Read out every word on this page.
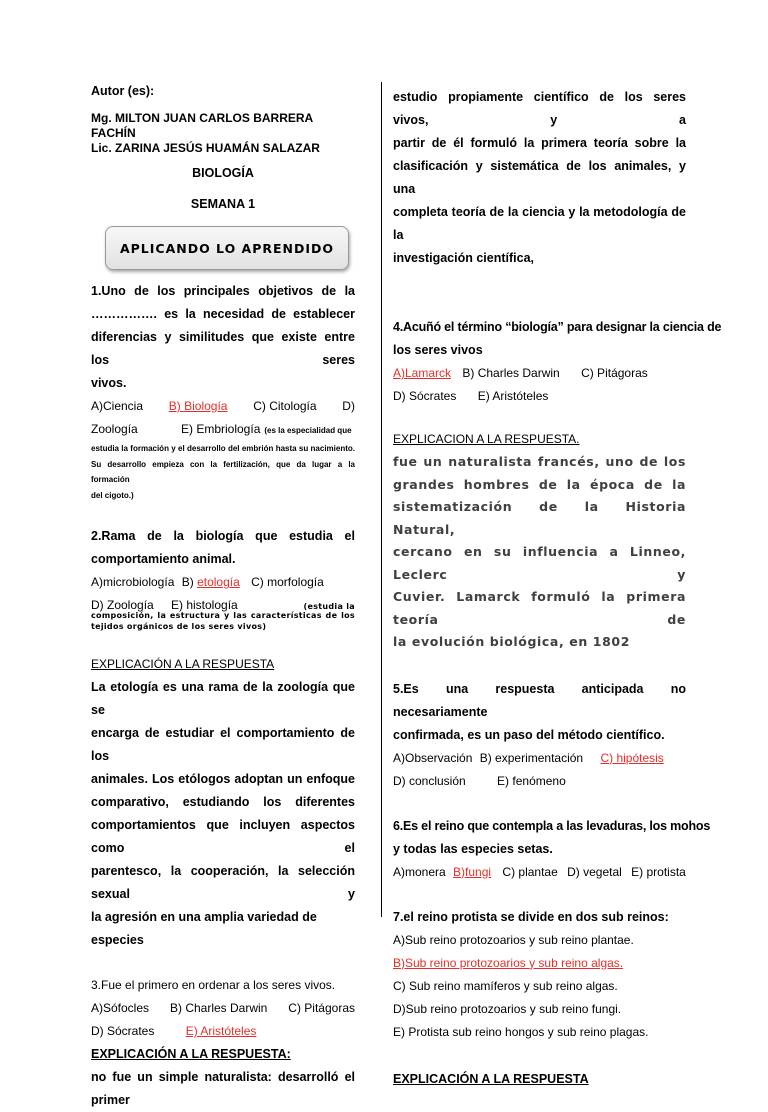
Autor (es):

Mg. MILTON JUAN CARLOS BARRERA FACHÍN

Lic. ZARINA JESÚS HUAMÁN SALAZAR

BIOLOGÍA

SEMANA 1

APLICANDO LO APRENDIDO

1.Uno de los principales objetivos de la

……………. es la necesidad de establecer

diferencias y similitudes que existe entre los seres

vivos.

A)Ciencia B) Biología C) Citología D)
Zoología	E) Embriología (es la especialidad que

estudia la formación y el desarrollo del embrión hasta su nacimiento.

Su desarrollo empieza con la fertilización, que da lugar a la formación

del cigoto.)

2.Rama de la biología que estudia el

comportamiento animal.

A)microbiología B) etología C) morfología
D) Zoología	E) histología	(estudia la

composición, la estructura y las características de los

tejidos orgánicos de los seres vivos)

EXPLICACIÓN A LA RESPUESTA

La etología es una rama de la zoología que se

encarga de estudiar el comportamiento de los

animales. Los etólogos adoptan un enfoque

comparativo, estudiando los diferentes

comportamientos que incluyen aspectos como el

parentesco, la cooperación, la selección sexual y

la agresión en una amplia variedad de especies

3.Fue el primero en ordenar a los seres vivos.

A)Sófocles B) Charles Darwin C) Pitágoras
D) Sócrates	E) Aristóteles

EXPLICACIÓN A LA RESPUESTA:

no fue un simple naturalista: desarrolló el primer

estudio propiamente científico de los seres vivos, y a

partir de él formuló la primera teoría sobre la

clasificación y sistemática de los animales, y una

completa teoría de la ciencia y la metodología de la

investigación científica,

4.Acuñó el término “biología” para designar la ciencia de

los seres vivos

A)Lamarck B) Charles Darwin C) Pitágoras
D) Sócrates E) Aristóteles

EXPLICACION A LA RESPUESTA.

fue un naturalista francés, uno de los
grandes hombres de la época de la
sistematización de la Historia Natural,
cercano en su influencia a Linneo, Leclerc y
Cuvier. Lamarck formuló la primera teoría de
la evolución biológica, en 1802

5.Es una respuesta anticipada no necesariamente

confirmada, es un paso del método científico.

A)Observación B) experimentación C) hipótesis
D) conclusión	E) fenómeno

6.Es el reino que contempla a las levaduras, los mohos

y todas las especies setas.

A)monera B)fungi C) plantae D) vegetal E) protista

7.el reino protista se divide en dos sub reinos:

A)Sub reino protozoarios y sub reino plantae.

B)Sub reino protozoarios y sub reino algas.

C) Sub reino mamíferos y sub reino algas.

D)Sub reino protozoarios y sub reino fungi.

E) Protista sub reino hongos y sub reino plagas.

EXPLICACIÓN A LA RESPUESTA
